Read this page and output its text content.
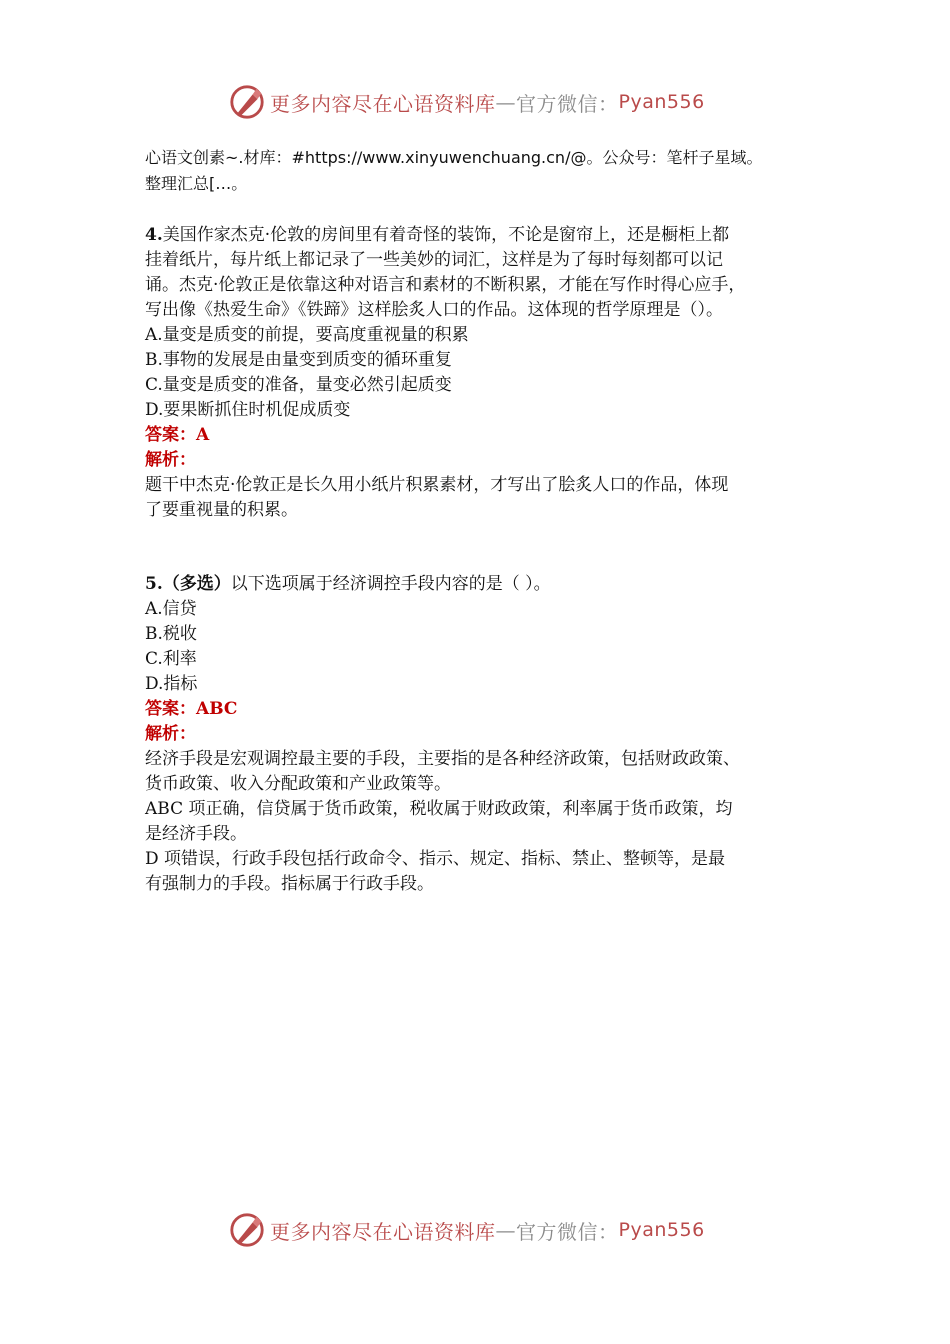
更多内容尽在心语资料库 — 官方微信： Pyan556
心语文创素~.材库：#https://www.xinyuwenchuang.cn/@。公众号：笔杆子星域。
整理汇总[…。

4.美国作家杰克·伦敦的房间里有着奇怪的装饰，不论是窗帘上，还是橱柜上都

挂着纸片，每片纸上都记录了一些美妙的词汇，这样是为了每时每刻都可以记

诵。杰克·伦敦正是依靠这种对语言和素材的不断积累，才能在写作时得心应手，

写出像《热爱生命》《铁蹄》这样脍炙人口的作品。这体现的哲学原理是（）。

A.量变是质变的前提，要高度重视量的积累

B.事物的发展是由量变到质变的循环重复

C.量变是质变的准备，量变必然引起质变

D.要果断抓住时机促成质变

答案：A

解析：

题干中杰克·伦敦正是长久用小纸片积累素材，才写出了脍炙人口的作品，体现

了要重视量的积累。

5.（多选）以下选项属于经济调控手段内容的是（ ）。

A.信贷

B.税收

C.利率

D.指标

答案：ABC

解析：

经济手段是宏观调控最主要的手段，主要指的是各种经济政策，包括财政政策、

货币政策、收入分配政策和产业政策等。

ABC 项正确，信贷属于货币政策，税收属于财政政策，利率属于货币政策，均

是经济手段。

D 项错误，行政手段包括行政命令、指示、规定、指标、禁止、整顿等，是最

有强制力的手段。指标属于行政手段。

更多内容尽在心语资料库 — 官方微信： Pyan556
